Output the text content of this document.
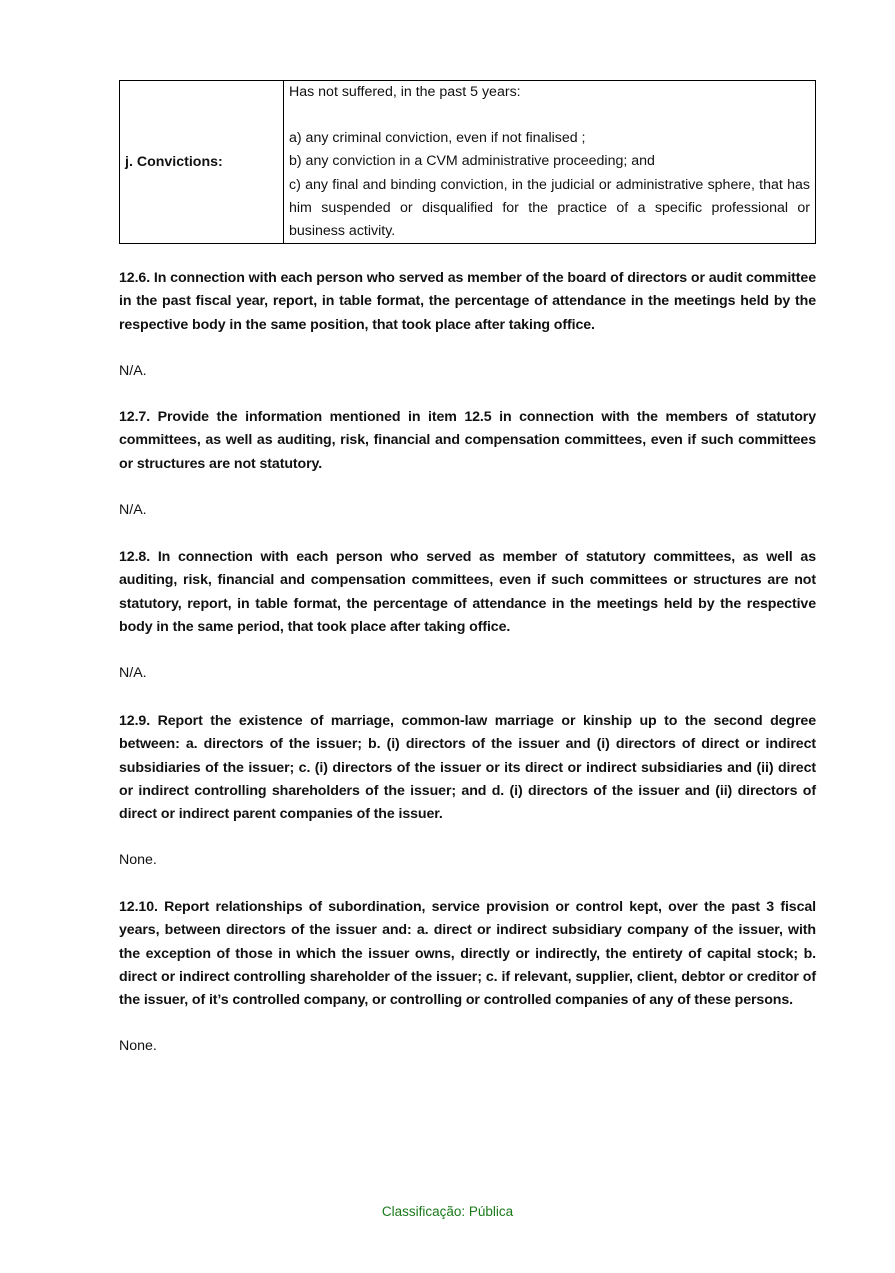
j. Convictions:	

Has not suffered, in the past 5 years:

a) any criminal conviction, even if not finalised ;

b) any conviction in a CVM administrative proceeding; and

c) any final and binding conviction, in the judicial or administrative sphere, that has him suspended or disqualified for the practice of a specific professional or business activity.

12.6. In connection with each person who served as member of the board of directors or audit committee in the past fiscal year, report, in table format, the percentage of attendance in the meetings held by the respective body in the same position, that took place after taking office.

N/A.

12.7. Provide the information mentioned in item 12.5 in connection with the members of statutory committees, as well as auditing, risk, financial and compensation committees, even if such committees or structures are not statutory.

N/A.

12.8. In connection with each person who served as member of statutory committees, as well as auditing, risk, financial and compensation committees, even if such committees or structures are not statutory, report, in table format, the percentage of attendance in the meetings held by the respective body in the same period, that took place after taking office.

N/A.

12.9. Report the existence of marriage, common-law marriage or kinship up to the second degree between: a. directors of the issuer; b. (i) directors of the issuer and (i) directors of direct or indirect subsidiaries of the issuer; c. (i) directors of the issuer or its direct or indirect subsidiaries and (ii) direct or indirect controlling shareholders of the issuer; and d. (i) directors of the issuer and (ii) directors of direct or indirect parent companies of the issuer.

None.

12.10. Report relationships of subordination, service provision or control kept, over the past 3 fiscal years, between directors of the issuer and: a. direct or indirect subsidiary company of the issuer, with the exception of those in which the issuer owns, directly or indirectly, the entirety of capital stock; b. direct or indirect controlling shareholder of the issuer; c. if relevant, supplier, client, debtor or creditor of the issuer, of it’s controlled company, or controlling or controlled companies of any of these persons.

None.

Classificação: Pública
